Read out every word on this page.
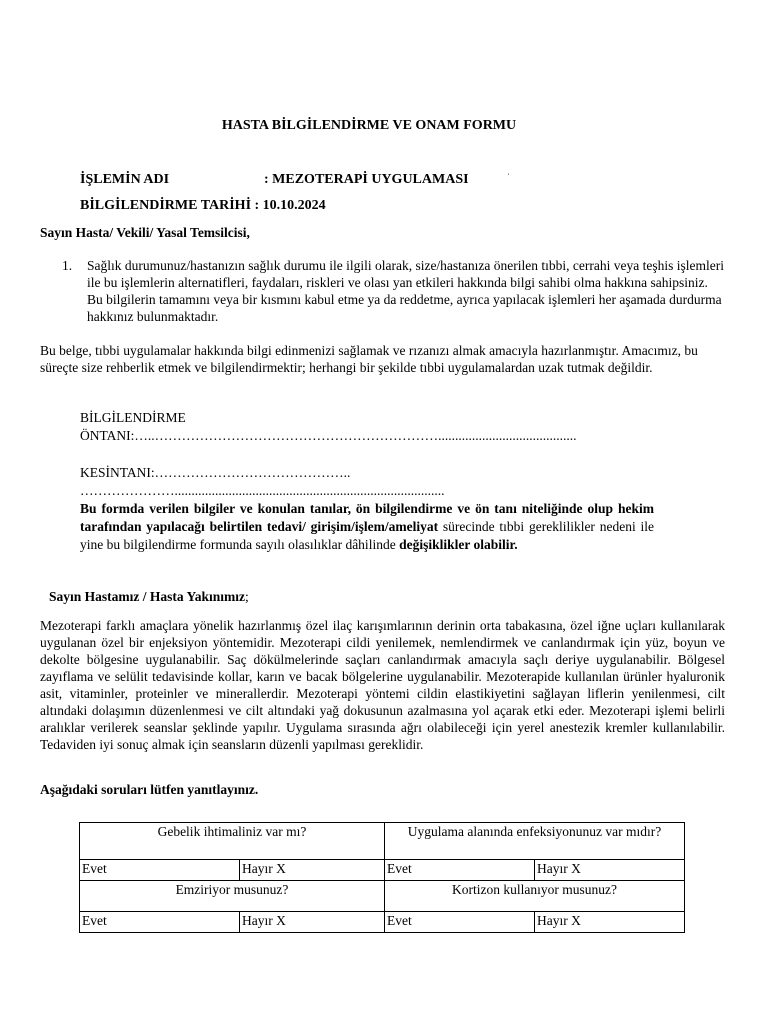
HASTA BİLGİLENDİRME VE ONAM FORMU
İŞLEMİN ADI	: MEZOTERAPİ UYGULAMASI	ˈ
BİLGİLENDİRME TARİHİ : 10.10.2024
Sayın Hasta/ Vekili/ Yasal Temsilcisi,
1. Sağlık durumunuz/hastanızın sağlık durumu ile ilgili olarak, size/hastanıza önerilen tıbbi, cerrahi veya teşhis işlemleri ile bu işlemlerin alternatifleri, faydaları, riskleri ve olası yan etkileri hakkında bilgi sahibi olma hakkına sahipsiniz. Bu bilgilerin tamamını veya bir kısmını kabul etme ya da reddetme, ayrıca yapılacak işlemleri her aşamada durdurma hakkınız bulunmaktadır.
Bu belge, tıbbi uygulamalar hakkında bilgi edinmenizi sağlamak ve rızanızı almak amacıyla hazırlanmıştır. Amacımız, bu süreçte size rehberlik etmek ve bilgilendirmektir; herhangi bir şekilde tıbbi uygulamalardan uzak tutmak değildir.
BİLGİLENDİRME
ÖNTANI:…..……………………………………………………….........................................
KESİNTANI:……………………………………..
…………………................................................................................
Bu formda verilen bilgiler ve konulan tanılar, ön bilgilendirme ve ön tanı niteliğinde olup hekim tarafından yapılacağı belirtilen tedavi/ girişim/işlem/ameliyat sürecinde tıbbi gereklilikler nedeni ile yine bu bilgilendirme formunda sayılı olasılıklar dâhilinde değişiklikler olabilir.
Sayın Hastamız / Hasta Yakınımız;
Mezoterapi farklı amaçlara yönelik hazırlanmış özel ilaç karışımlarının derinin orta tabakasına, özel iğne uçları kullanılarak uygulanan özel bir enjeksiyon yöntemidir. Mezoterapi cildi yenilemek, nemlendirmek ve canlandırmak için yüz, boyun ve dekolte bölgesine uygulanabilir. Saç dökülmelerinde saçları canlandırmak amacıyla saçlı deriye uygulanabilir. Bölgesel zayıflama ve selülit tedavisinde kollar, karın ve bacak bölgelerine uygulanabilir. Mezoterapide kullanılan ürünler hyaluronik asit, vitaminler, proteinler ve minerallerdir. Mezoterapi yöntemi cildin elastikiyetini sağlayan liflerin yenilenmesi, cilt altındaki dolaşımın düzenlenmesi ve cilt altındaki yağ dokusunun azalmasına yol açarak etki eder. Mezoterapi işlemi belirli aralıklar verilerek seanslar şeklinde yapılır. Uygulama sırasında ağrı olabileceği için yerel anestezik kremler kullanılabilir. Tedaviden iyi sonuç almak için seansların düzenli yapılması gereklidir.
Aşağıdaki soruları lütfen yanıtlayınız.
Gebelik ihtimaliniz var mı?		Uygulama alanında enfeksiyonunuz var mıdır?	
Evet	Hayır X	Evet	Hayır X
Emziriyor musunuz?		Kortizon kullanıyor musunuz?	
Evet	Hayır X	Evet	Hayır X
